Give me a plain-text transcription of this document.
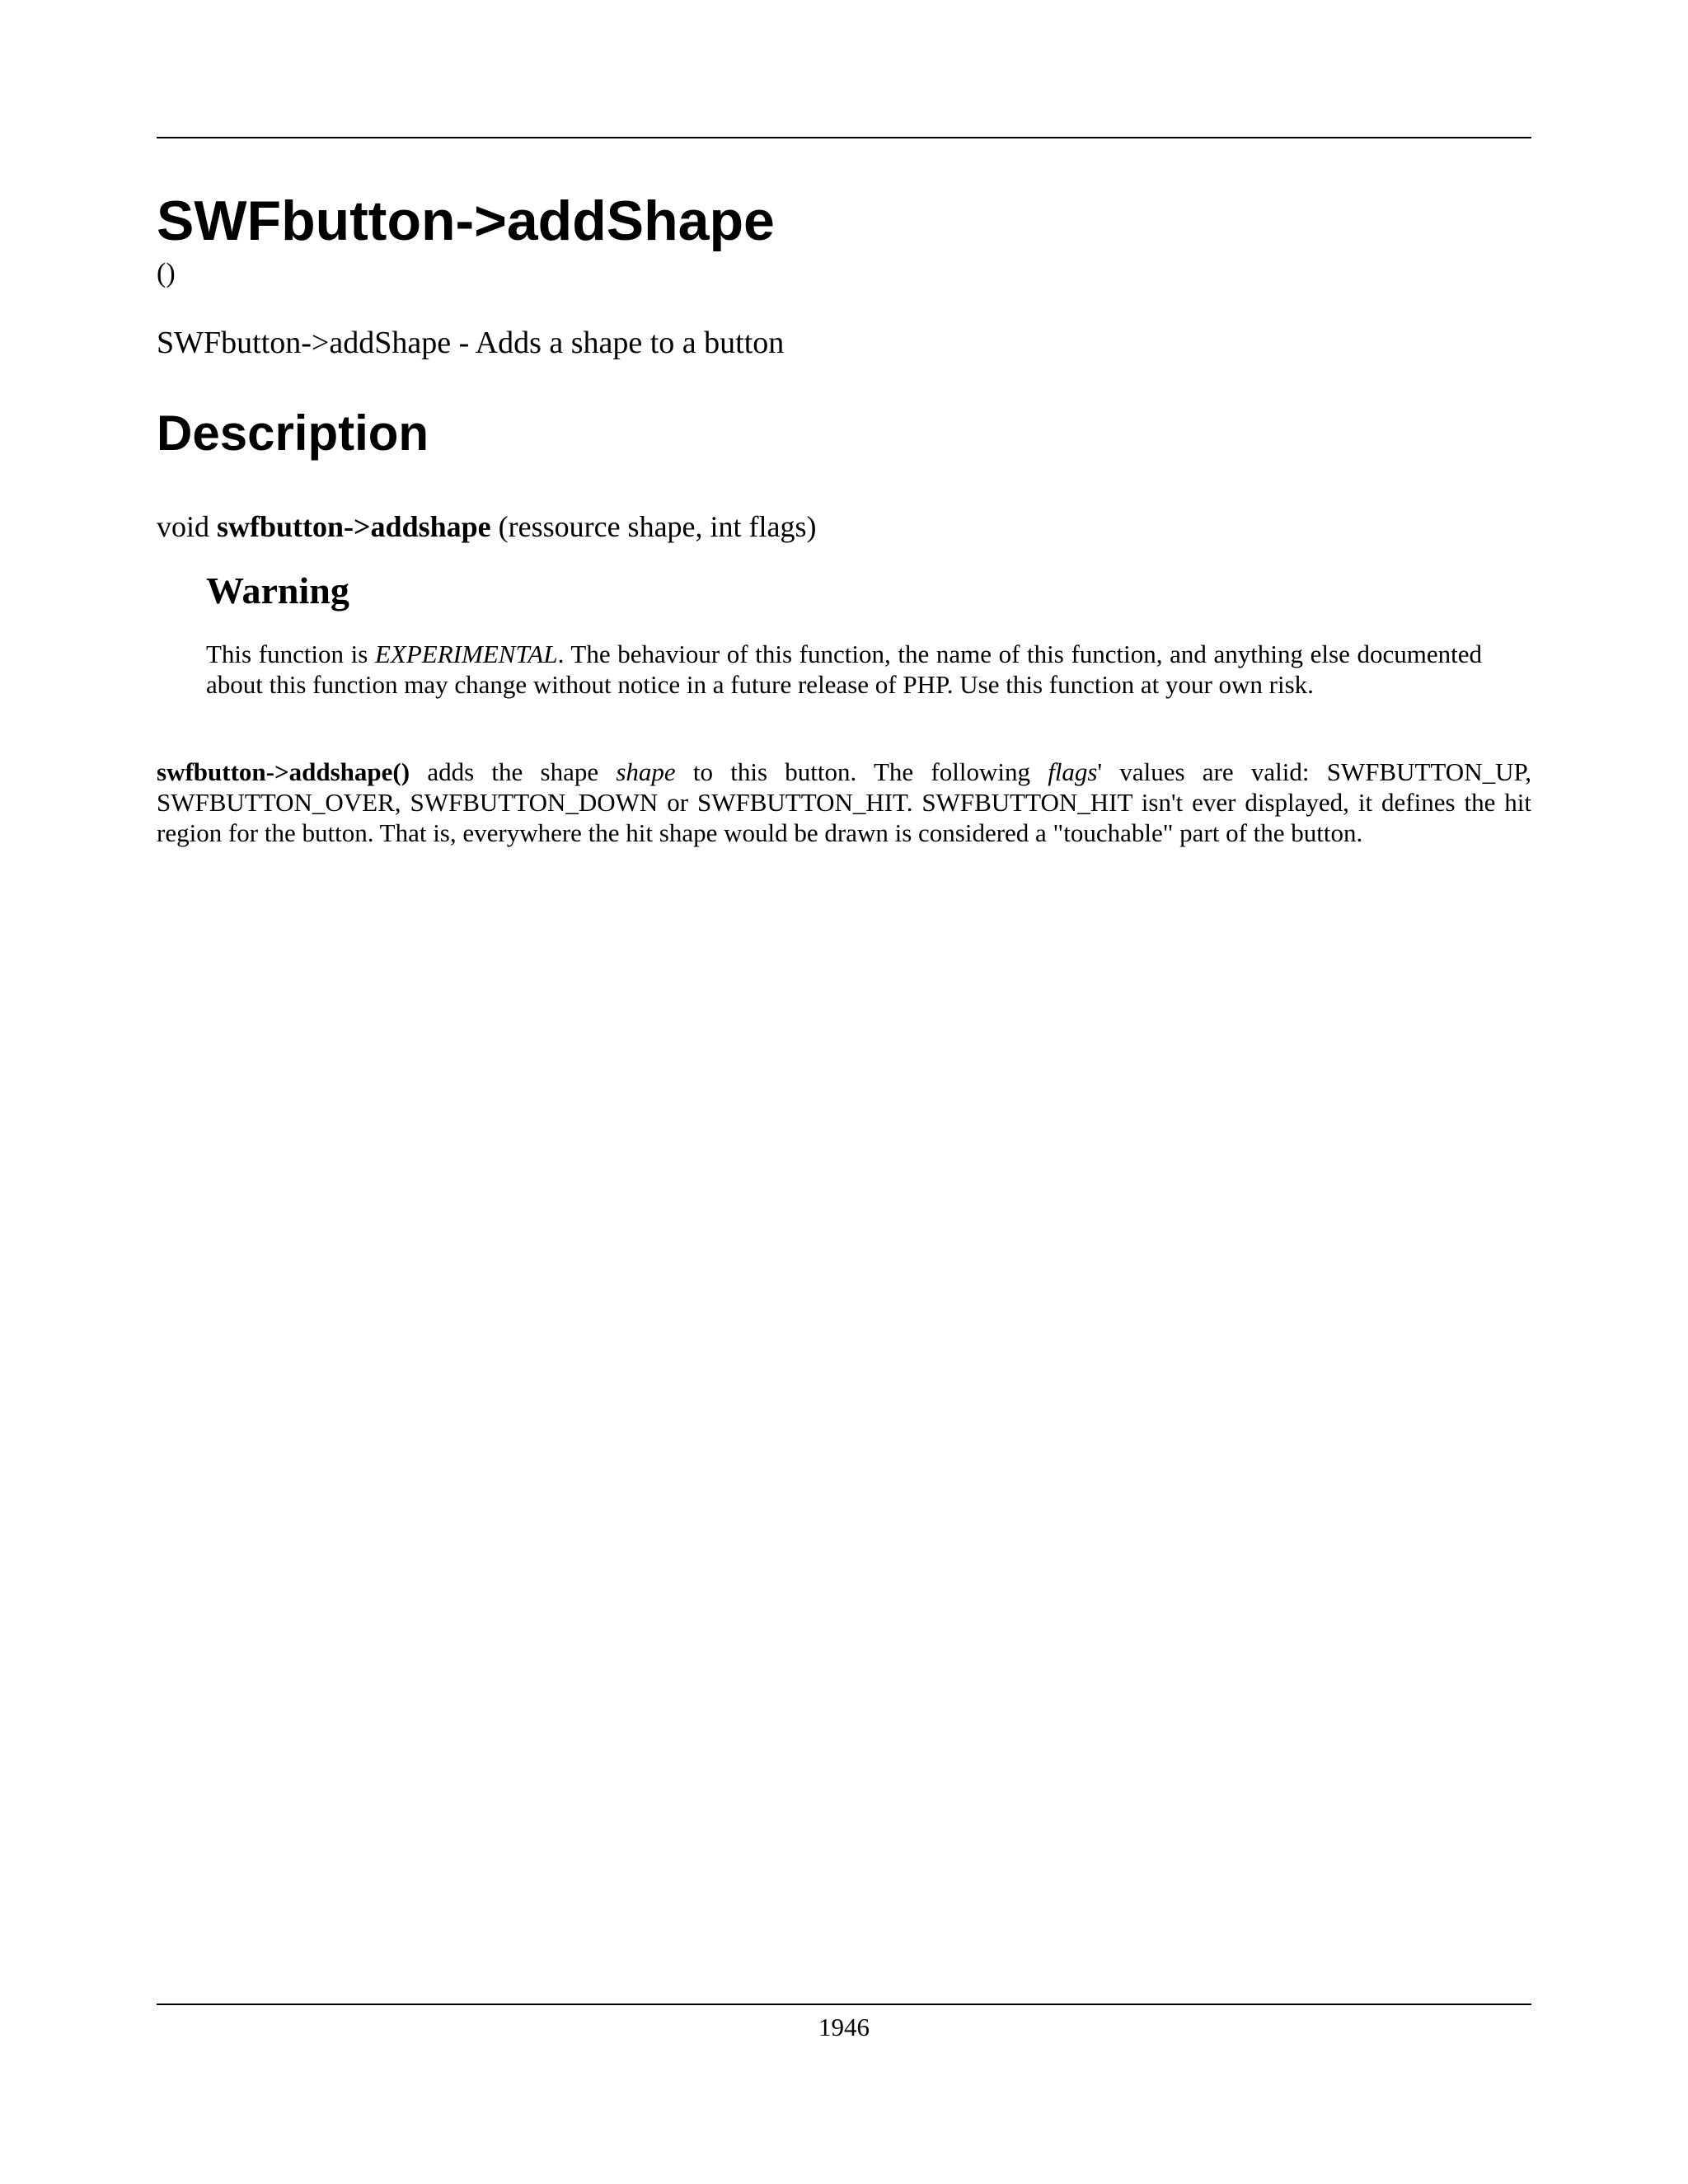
SWFbutton->addShape
()
SWFbutton->addShape - Adds a shape to a button
Description
void swfbutton->addshape (ressource shape, int flags)
Warning

This function is EXPERIMENTAL. The behaviour of this function, the name of this function, and anything else documented about this function may change without notice in a future release of PHP. Use this function at your own risk.

swfbutton->addshape() adds the shape shape to this button. The following flags' values are valid: SWFBUTTON_UP, SWFBUTTON_OVER, SWFBUTTON_DOWN or SWFBUTTON_HIT. SWFBUTTON_HIT isn't ever displayed, it defines the hit region for the button. That is, everywhere the hit shape would be drawn is considered a "touchable" part of the button.

1946
